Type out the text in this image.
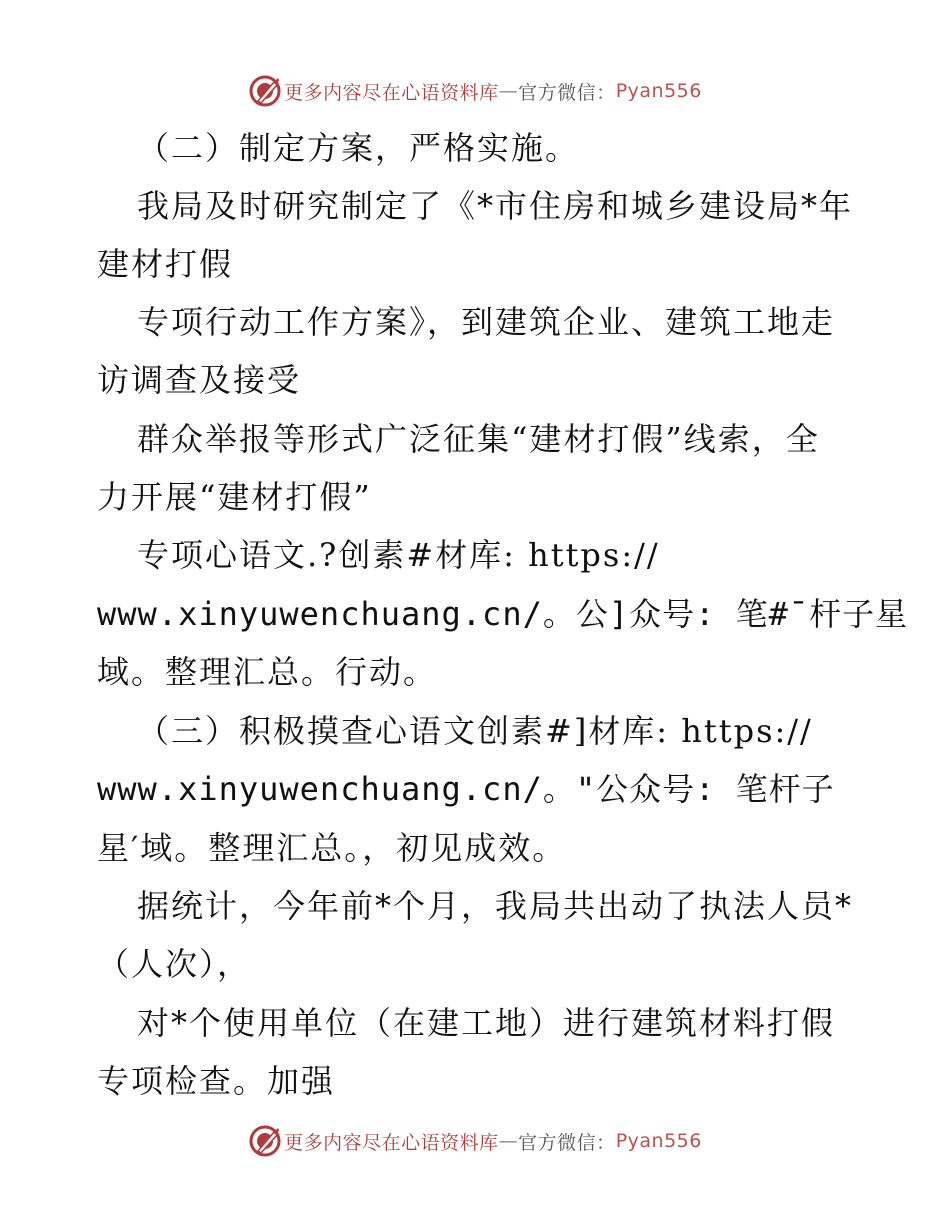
更多内容尽在心语资料库 — 官方微信： Pyan556
（二）制定方案，严格实施。
我局及时研究制定了《*市住房和城乡建设局*年
建材打假
专项行动工作方案》，到建筑企业、建筑工地走
访调查及接受
群众举报等形式广泛征集“建材打假”线索，全
力开展“建材打假”
专项心语文.?创素#材库: https://
www.xinyuwenchuang.cn/。公]众号: 笔#¯杆子星
域。整理汇总。行动。
（三）积极摸查心语文创素#]材库: https://
www.xinyuwenchuang.cn/。"公众号: 笔杆子
星′域。整理汇总。，初见成效。
据统计，今年前*个月，我局共出动了执法人员*
（人次），
对*个使用单位（在建工地）进行建筑材料打假
专项检查。加强
更多内容尽在心语资料库 — 官方微信： Pyan556
